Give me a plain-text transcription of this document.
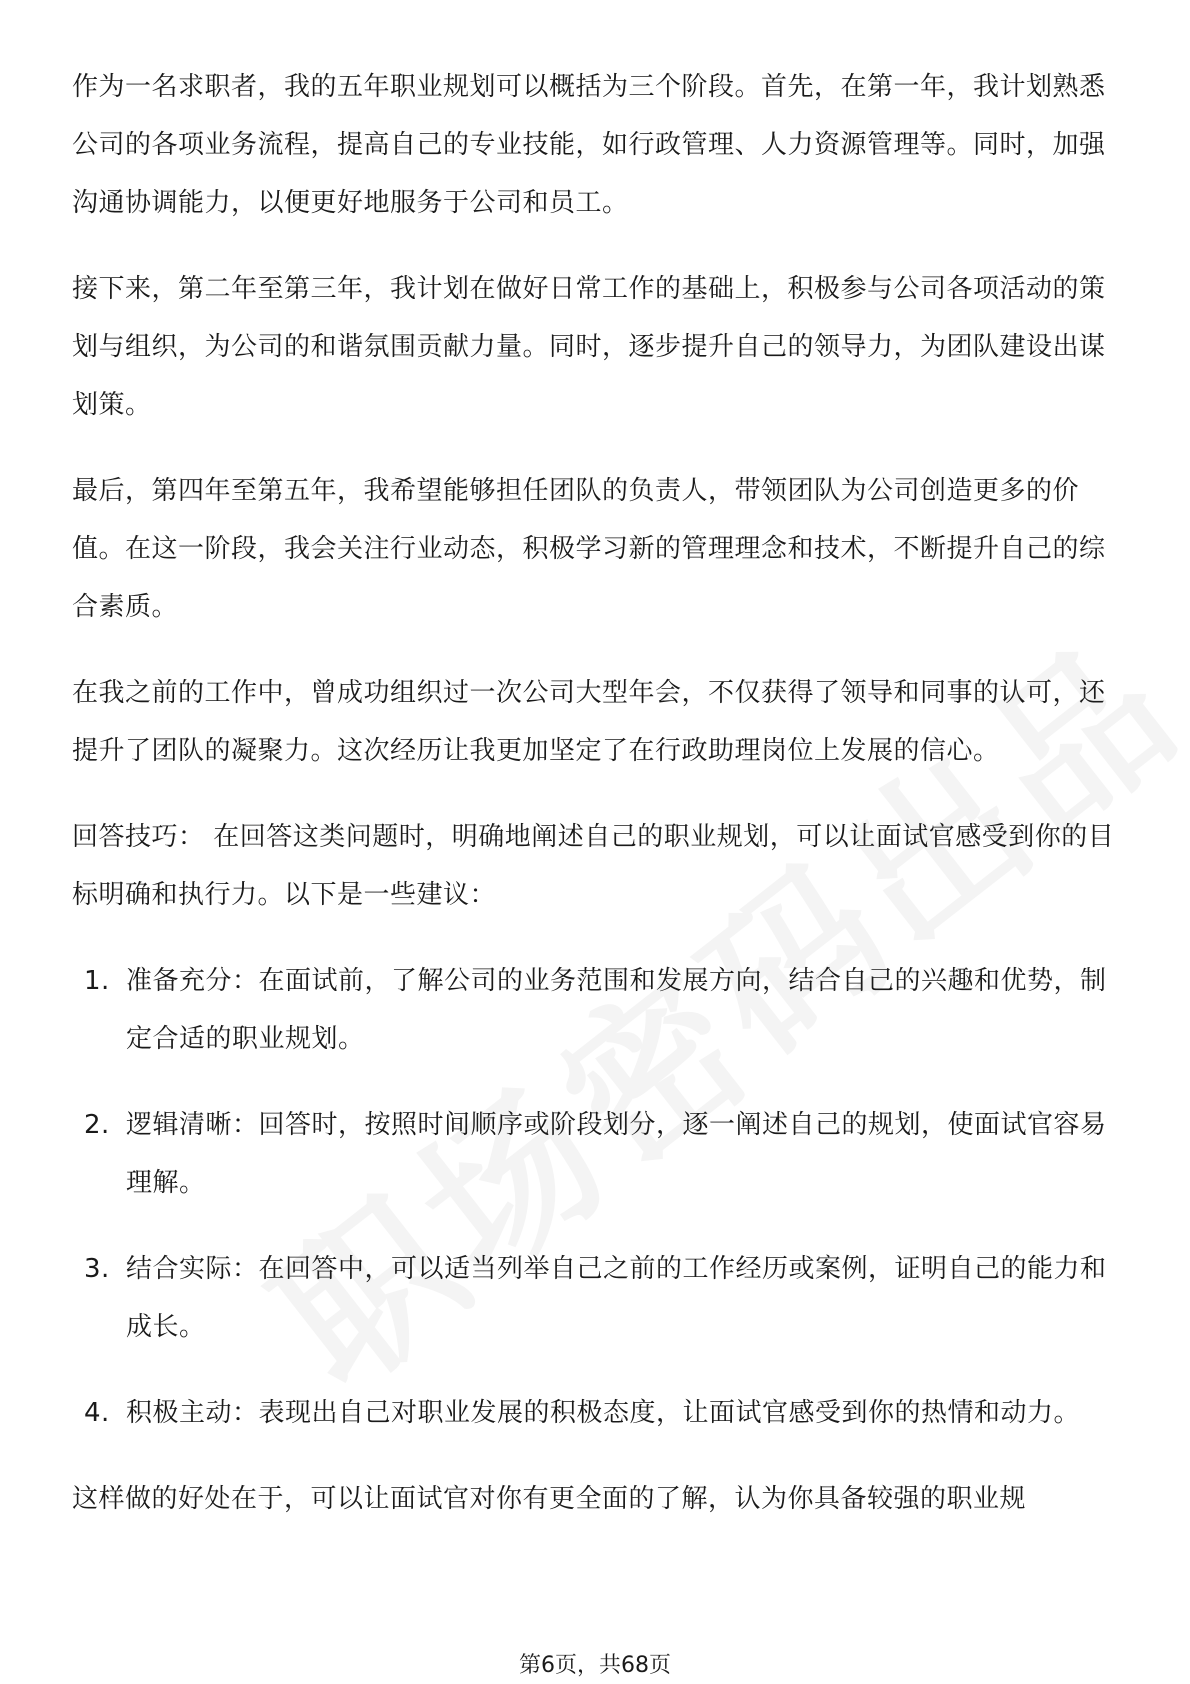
作为一名求职者，我的五年职业规划可以概括为三个阶段。首先，在第一年，我计划熟悉公司的各项业务流程，提高自己的专业技能，如行政管理、人力资源管理等。同时，加强沟通协调能力，以便更好地服务于公司和员工。

接下来，第二年至第三年，我计划在做好日常工作的基础上，积极参与公司各项活动的策划与组织，为公司的和谐氛围贡献力量。同时，逐步提升自己的领导力，为团队建设出谋划策。

最后，第四年至第五年，我希望能够担任团队的负责人，带领团队为公司创造更多的价值。在这一阶段，我会关注行业动态，积极学习新的管理理念和技术，不断提升自己的综合素质。

在我之前的工作中，曾成功组织过一次公司大型年会，不仅获得了领导和同事的认可，还提升了团队的凝聚力。这次经历让我更加坚定了在行政助理岗位上发展的信心。

回答技巧： 在回答这类问题时，明确地阐述自己的职业规划，可以让面试官感受到你的目标明确和执行力。以下是一些建议：

1. 准备充分：在面试前，了解公司的业务范围和发展方向，结合自己的兴趣和优势，制定合适的职业规划。
2. 逻辑清晰：回答时，按照时间顺序或阶段划分，逐一阐述自己的规划，使面试官容易理解。
3. 结合实际：在回答中，可以适当列举自己之前的工作经历或案例，证明自己的能力和成长。
4. 积极主动：表现出自己对职业发展的积极态度，让面试官感受到你的热情和动力。

这样做的好处在于，可以让面试官对你有更全面的了解，认为你具备较强的职业规

第6页，共68页
